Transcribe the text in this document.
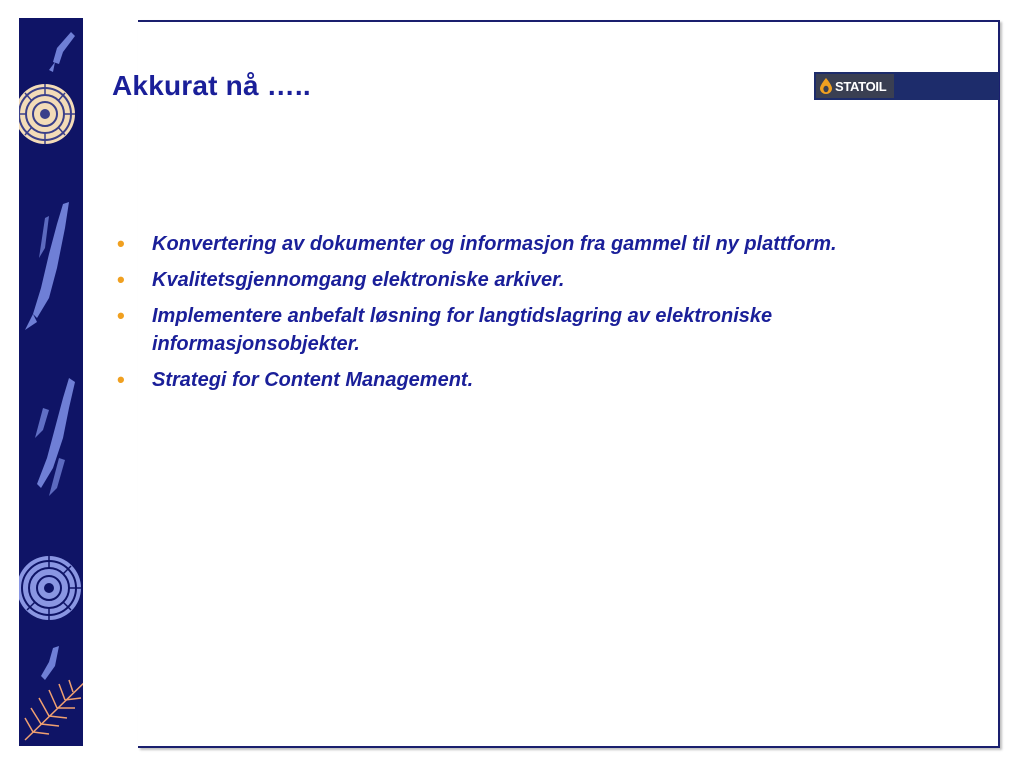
Akkurat nå …..	STATOIL
• Konvertering av dokumenter og informasjon fra gammel til ny plattform.
• Kvalitetsgjennomgang elektroniske arkiver.
• Implementere anbefalt løsning for langtidslagring av elektroniske informasjonsobjekter.
• Strategi for Content Management.
